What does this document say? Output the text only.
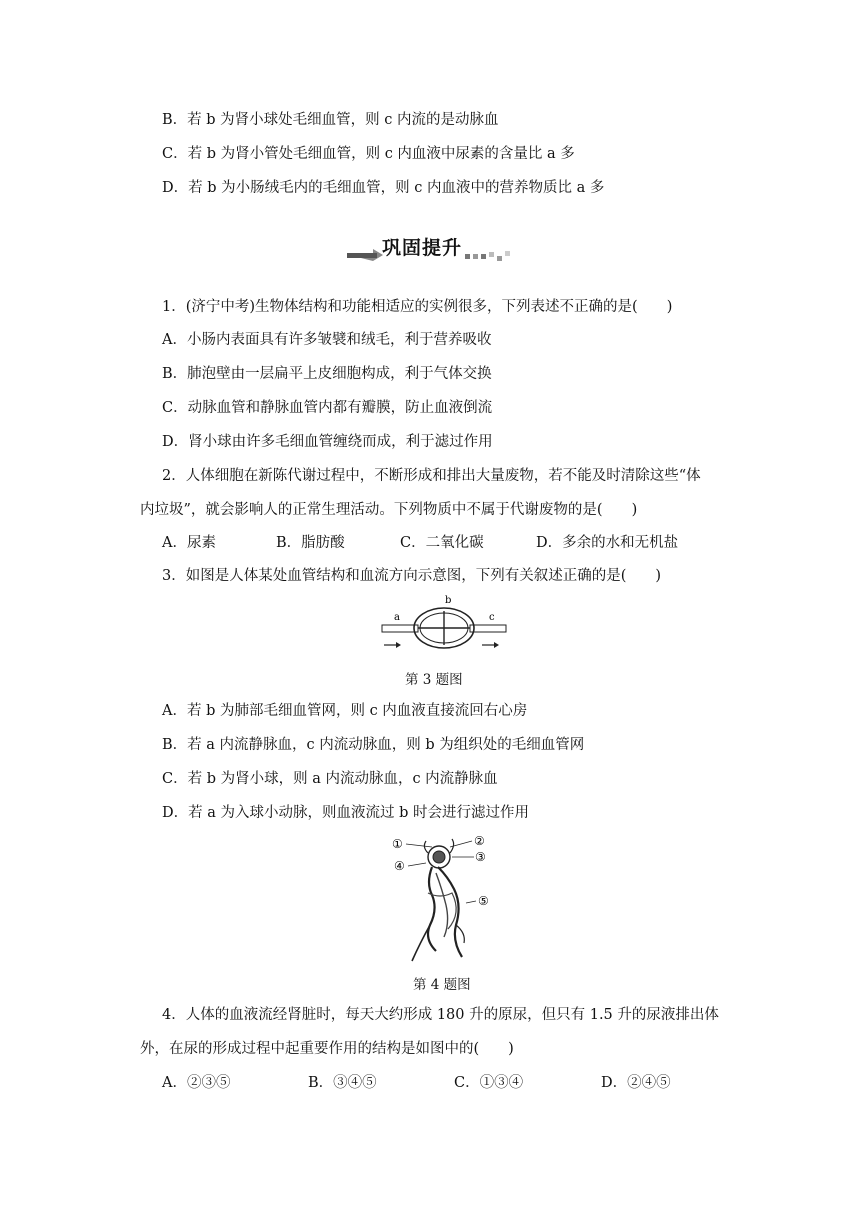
B．若 b 为肾小球处毛细血管，则 c 内流的是动脉血
C．若 b 为肾小管处毛细血管，则 c 内血液中尿素的含量比 a 多
D．若 b 为小肠绒毛内的毛细血管，则 c 内血液中的营养物质比 a 多
巩固提升
1．(济宁中考)生物体结构和功能相适应的实例很多，下列表述不正确的是(　　)
A．小肠内表面具有许多皱襞和绒毛，利于营养吸收
B．肺泡壁由一层扁平上皮细胞构成，利于气体交换
C．动脉血管和静脉血管内都有瓣膜，防止血液倒流
D．肾小球由许多毛细血管缠绕而成，利于滤过作用
2．人体细胞在新陈代谢过程中，不断形成和排出大量废物，若不能及时清除这些“体
内垃圾”，就会影响人的正常生理活动。下列物质中不属于代谢废物的是(　　)
A．尿素	B．脂肪酸	C．二氧化碳	D．多余的水和无机盐
3．如图是人体某处血管结构和血流方向示意图，下列有关叙述正确的是(　　)
b
a	c
第 3 题图
A．若 b 为肺部毛细血管网，则 c 内血液直接流回右心房
B．若 a 内流静脉血，c 内流动脉血，则 b 为组织处的毛细血管网
C．若 b 为肾小球，则 a 内流动脉血，c 内流静脉血
D．若 a 为入球小动脉，则血液流过 b 时会进行滤过作用
①	②
③
④
⑤
第 4 题图
4．人体的血液流经肾脏时，每天大约形成 180 升的原尿，但只有 1.5 升的尿液排出体
外，在尿的形成过程中起重要作用的结构是如图中的(　　)
A．②③⑤	B．③④⑤	C．①③④	D．②④⑤
